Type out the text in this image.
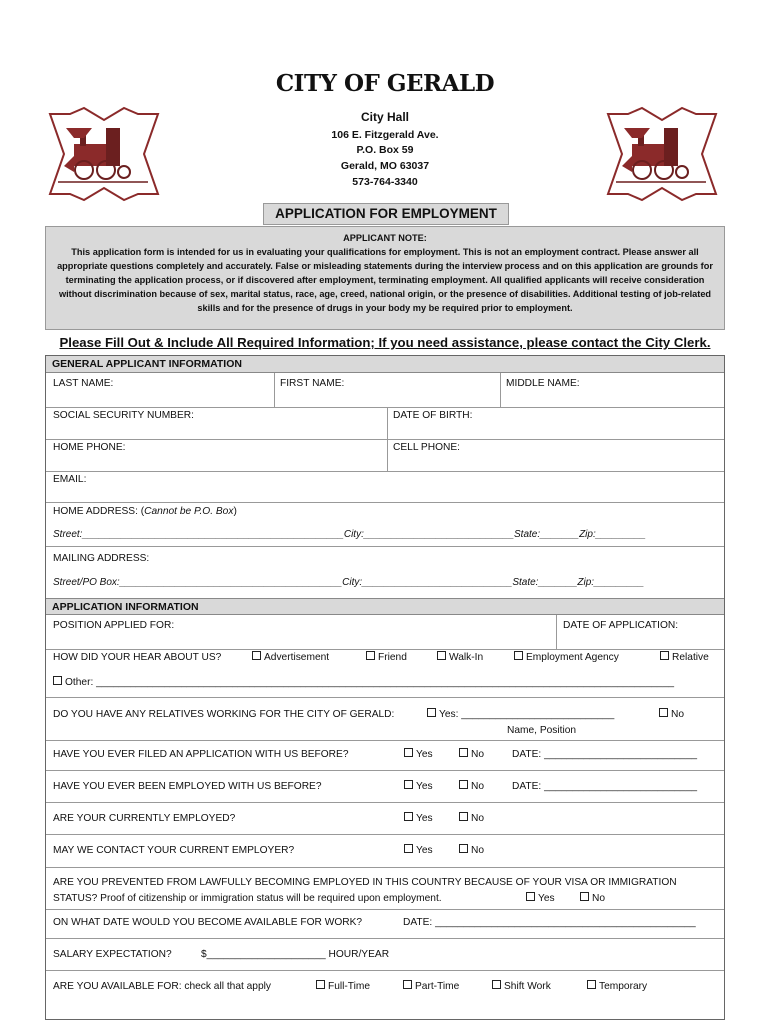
CITY OF GERALD
City Hall
106 E. Fitzgerald Ave.
P.O. Box 59
Gerald, MO 63037
573-764-3340
APPLICATION FOR EMPLOYMENT
APPLICANT NOTE:
This application form is intended for us in evaluating your qualifications for employment. This is not an employment contract. Please answer all appropriate questions completely and accurately. False or misleading statements during the interview process and on this application are grounds for terminating the application process, or if discovered after employment, terminating employment. All qualified applicants will receive consideration without discrimination because of sex, marital status, race, age, creed, national origin, or the presence of disabilities. Additional testing of job-related skills and for the presence of drugs in your body my be required prior to employment.
Please Fill Out & Include All Required Information; If you need assistance, please contact the City Clerk.
GENERAL APPLICANT INFORMATION
LAST NAME:	FIRST NAME:	MIDDLE NAME:
SOCIAL SECURITY NUMBER:	DATE OF BIRTH:
HOME PHONE:	CELL PHONE:
EMAIL:
HOME ADDRESS: (Cannot be P.O. Box)
Street:_______________________________________________City:___________________________State:_______Zip:_________
MAILING ADDRESS:
Street/PO Box:________________________________________City:___________________________State:_______Zip:_________
APPLICATION INFORMATION
POSITION APPLIED FOR:	DATE OF APPLICATION:
HOW DID YOUR HEAR ABOUT US?	Advertisement	Friend	Walk-In	Employment Agency	Relative
Other: ______________________________________________________________________________________________________
DO YOU HAVE ANY RELATIVES WORKING FOR THE CITY OF GERALD:	Yes: ___________________________	No
Name, Position
HAVE YOU EVER FILED AN APPLICATION WITH US BEFORE?	Yes	No	DATE: ___________________________
HAVE YOU EVER BEEN EMPLOYED WITH US BEFORE?	Yes	No	DATE: ___________________________
ARE YOUR CURRENTLY EMPLOYED?	Yes	No
MAY WE CONTACT YOUR CURRENT EMPLOYER?	Yes	No
ARE YOU PREVENTED FROM LAWFULLY BECOMING EMPLOYED IN THIS COUNTRY BECAUSE OF YOUR VISA OR IMMIGRATION
STATUS? Proof of citizenship or immigration status will be required upon employment.	Yes	No
ON WHAT DATE WOULD YOU BECOME AVAILABLE FOR WORK?	DATE: ______________________________________________
SALARY EXPECTATION?	$_____________________ HOUR/YEAR
ARE YOU AVAILABLE FOR: check all that apply	Full-Time	Part-Time	Shift Work	Temporary
